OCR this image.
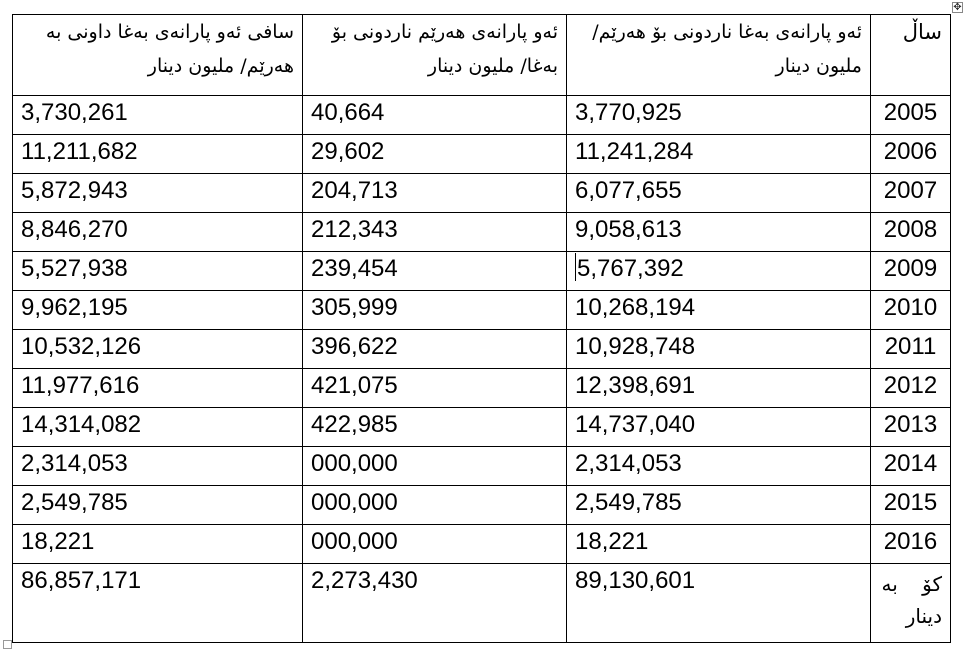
✥
ساڵ	ئەو پارانەی بەغا ناردونی بۆ هەرێم/ ملیون دینار	ئەو پارانەی هەرێم ناردونی بۆ بەغا/ ملیون دینار	سافی ئەو پارانەی بەغا داونی بە هەرێم/ ملیون دینار
2005	3,770,925	40,664	3,730,261
2006	11,241,284	29,602	11,211,682
2007	6,077,655	204,713	5,872,943
2008	9,058,613	212,343	8,846,270
2009	5,767,392	239,454	5,527,938
2010	10,268,194	305,999	9,962,195
2011	10,928,748	396,622	10,532,126
2012	12,398,691	421,075	11,977,616
2013	14,737,040	422,985	14,314,082
2014	2,314,053	000,000	2,314,053
2015	2,549,785	000,000	2,549,785
2016	18,221	000,000	18,221

کۆ بە
دینار	89,130,601	2,273,430	86,857,171
